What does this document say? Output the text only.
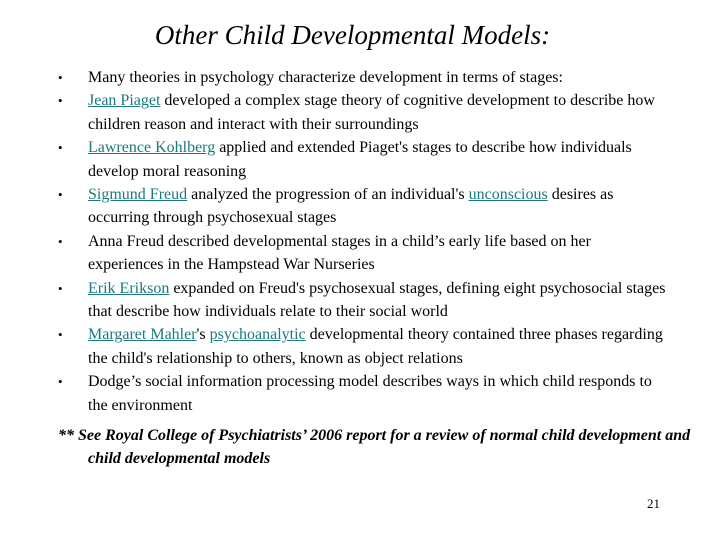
Other Child Developmental Models:
• Many theories in psychology characterize development in terms of stages:
• Jean Piaget developed a complex stage theory of cognitive development to describe how children reason and interact with their surroundings
• Lawrence Kohlberg applied and extended Piaget's stages to describe how individuals develop moral reasoning
• Sigmund Freud analyzed the progression of an individual's unconscious desires as occurring through psychosexual stages
• Anna Freud described developmental stages in a child’s early life based on her experiences in the Hampstead War Nurseries
• Erik Erikson expanded on Freud's psychosexual stages, defining eight psychosocial stages that describe how individuals relate to their social world
• Margaret Mahler's psychoanalytic developmental theory contained three phases regarding the child's relationship to others, known as object relations
• Dodge’s social information processing model describes ways in which child responds to the environment
** See Royal College of Psychiatrists’ 2006 report for a review of normal child development and child developmental models
21
